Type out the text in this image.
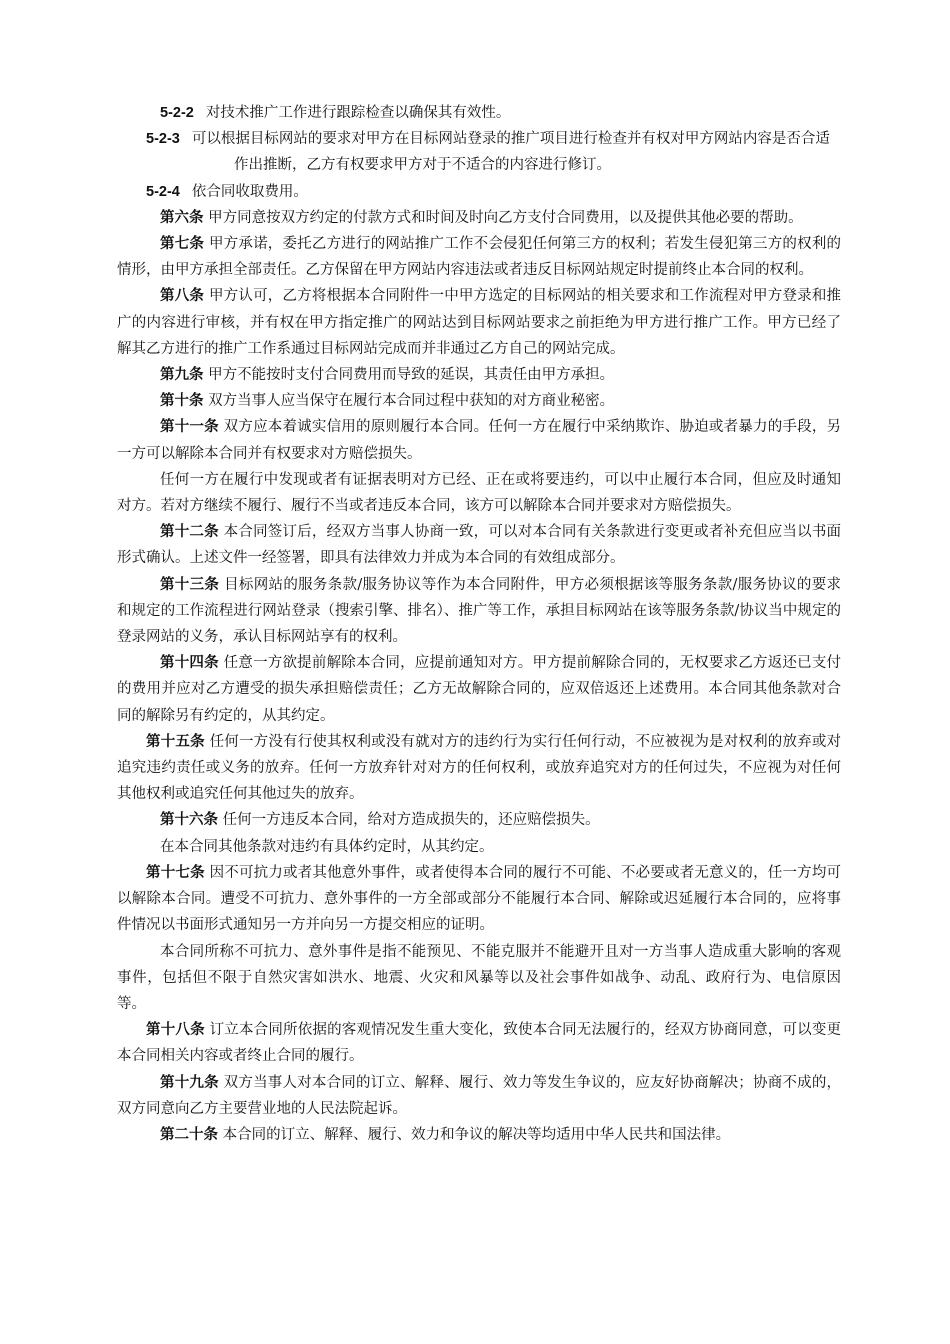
5-2-2 对技术推广工作进行跟踪检查以确保其有效性。

5-2-3 可以根据目标网站的要求对甲方在目标网站登录的推广项目进行检查并有权对甲方网站内容是否合适作出推断，乙方有权要求甲方对于不适合的内容进行修订。

5-2-4 依合同收取费用。

第六条 甲方同意按双方约定的付款方式和时间及时向乙方支付合同费用，以及提供其他必要的帮助。

第七条 甲方承诺，委托乙方进行的网站推广工作不会侵犯任何第三方的权利；若发生侵犯第三方的权利的情形，由甲方承担全部责任。乙方保留在甲方网站内容违法或者违反目标网站规定时提前终止本合同的权利。

第八条 甲方认可，乙方将根据本合同附件一中甲方选定的目标网站的相关要求和工作流程对甲方登录和推广的内容进行审核，并有权在甲方指定推广的网站达到目标网站要求之前拒绝为甲方进行推广工作。甲方已经了解其乙方进行的推广工作系通过目标网站完成而并非通过乙方自己的网站完成。

第九条 甲方不能按时支付合同费用而导致的延误，其责任由甲方承担。

第十条 双方当事人应当保守在履行本合同过程中获知的对方商业秘密。

第十一条 双方应本着诚实信用的原则履行本合同。任何一方在履行中采纳欺诈、胁迫或者暴力的手段，另一方可以解除本合同并有权要求对方赔偿损失。

任何一方在履行中发现或者有证据表明对方已经、正在或将要违约，可以中止履行本合同，但应及时通知对方。若对方继续不履行、履行不当或者违反本合同，该方可以解除本合同并要求对方赔偿损失。

第十二条 本合同签订后，经双方当事人协商一致，可以对本合同有关条款进行变更或者补充但应当以书面形式确认。上述文件一经签署，即具有法律效力并成为本合同的有效组成部分。

第十三条 目标网站的服务条款/服务协议等作为本合同附件，甲方必须根据该等服务条款/服务协议的要求和规定的工作流程进行网站登录（搜索引擎、排名）、推广等工作，承担目标网站在该等服务条款/协议当中规定的登录网站的义务，承认目标网站享有的权利。

第十四条 任意一方欲提前解除本合同，应提前通知对方。甲方提前解除合同的，无权要求乙方返还已支付的费用并应对乙方遭受的损失承担赔偿责任；乙方无故解除合同的，应双倍返还上述费用。本合同其他条款对合同的解除另有约定的，从其约定。

第十五条 任何一方没有行使其权利或没有就对方的违约行为实行任何行动，不应被视为是对权利的放弃或对追究违约责任或义务的放弃。任何一方放弃针对对方的任何权利，或放弃追究对方的任何过失，不应视为对任何其他权利或追究任何其他过失的放弃。

第十六条 任何一方违反本合同，给对方造成损失的，还应赔偿损失。

在本合同其他条款对违约有具体约定时，从其约定。

第十七条 因不可抗力或者其他意外事件，或者使得本合同的履行不可能、不必要或者无意义的，任一方均可以解除本合同。遭受不可抗力、意外事件的一方全部或部分不能履行本合同、解除或迟延履行本合同的，应将事件情况以书面形式通知另一方并向另一方提交相应的证明。

本合同所称不可抗力、意外事件是指不能预见、不能克服并不能避开且对一方当事人造成重大影响的客观事件，包括但不限于自然灾害如洪水、地震、火灾和风暴等以及社会事件如战争、动乱、政府行为、电信原因等。

第十八条 订立本合同所依据的客观情况发生重大变化，致使本合同无法履行的，经双方协商同意，可以变更本合同相关内容或者终止合同的履行。

第十九条 双方当事人对本合同的订立、解释、履行、效力等发生争议的，应友好协商解决；协商不成的，双方同意向乙方主要营业地的人民法院起诉。

第二十条 本合同的订立、解释、履行、效力和争议的解决等均适用中华人民共和国法律。
